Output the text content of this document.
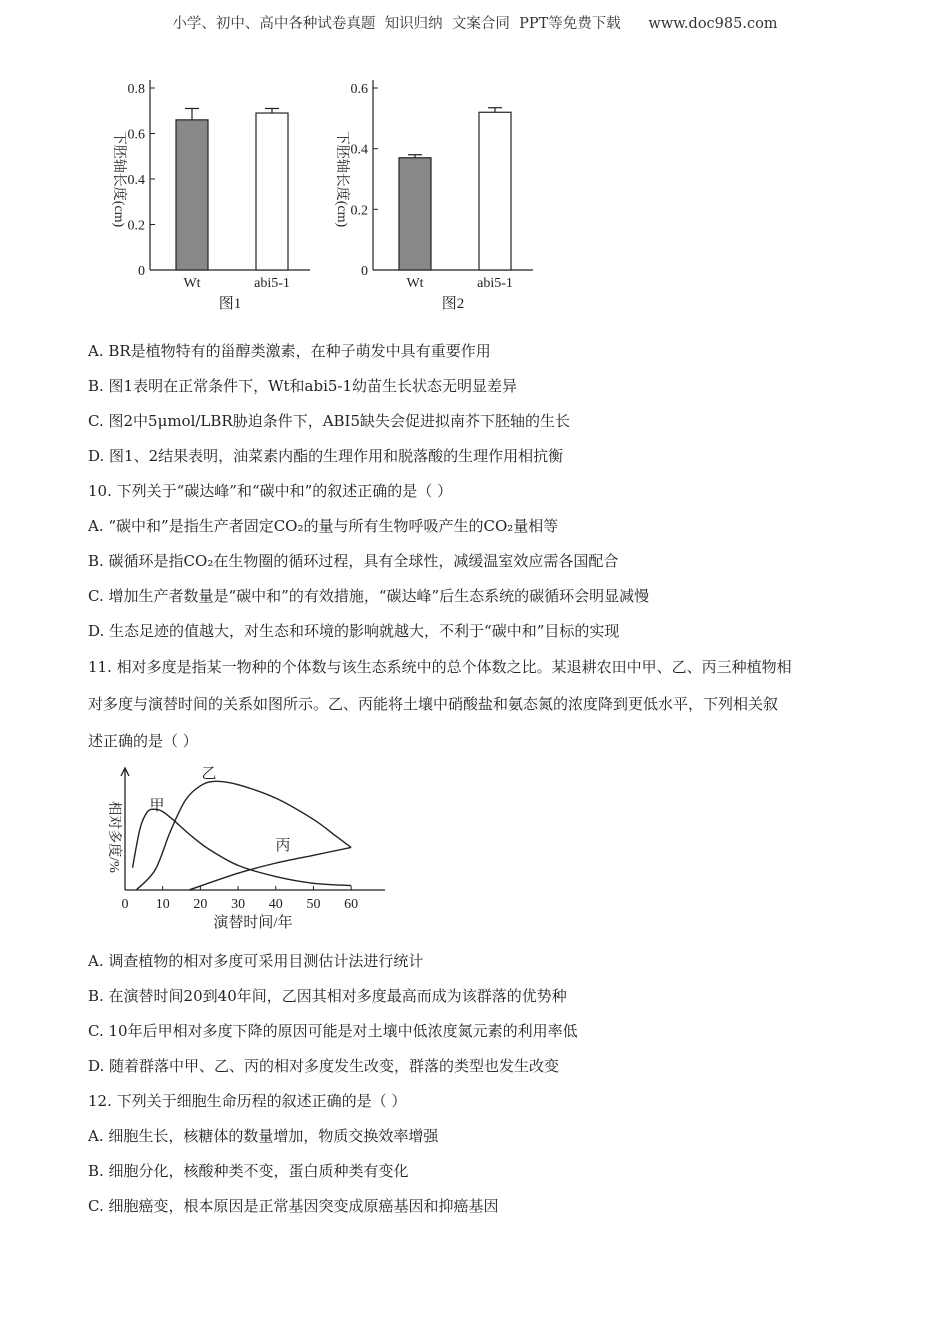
小学、初中、高中各种试卷真题  知识归纳  文案合同  PPT等免费下载      www.doc985.com
0
0.2
0.4
0.6
0.8
Wt	abi5-1
图1
下胚轴长度(cm)
0
0.2
0.4
0.6
Wt	abi5-1
图2
下胚轴长度(cm)
0 10 20 30 40 50 60
演替时间/年
相对多度/% 甲
乙
丙
A. BR是植物特有的甾醇类激素，在种子萌发中具有重要作用
B. 图1表明在正常条件下，Wt和abi5-1幼苗生长状态无明显差异
C. 图2中5μmol/LBR胁迫条件下，ABI5缺失会促进拟南芥下胚轴的生长
D. 图1、2结果表明，油菜素内酯的生理作用和脱落酸的生理作用相抗衡
10. 下列关于“碳达峰”和“碳中和”的叙述正确的是（ ）
A. “碳中和”是指生产者固定CO₂的量与所有生物呼吸产生的CO₂量相等
B. 碳循环是指CO₂在生物圈的循环过程，具有全球性，减缓温室效应需各国配合
C. 增加生产者数量是“碳中和”的有效措施，“碳达峰”后生态系统的碳循环会明显减慢
D. 生态足迹的值越大，对生态和环境的影响就越大，不利于“碳中和”目标的实现
11. 相对多度是指某一物种的个体数与该生态系统中的总个体数之比。某退耕农田中甲、乙、丙三种植物相
对多度与演替时间的关系如图所示。乙、丙能将土壤中硝酸盐和氨态氮的浓度降到更低水平，下列相关叙
述正确的是（ ）
A. 调查植物的相对多度可采用目测估计法进行统计
B. 在演替时间20到40年间，乙因其相对多度最高而成为该群落的优势种
C. 10年后甲相对多度下降的原因可能是对土壤中低浓度氮元素的利用率低
D. 随着群落中甲、乙、丙的相对多度发生改变，群落的类型也发生改变
12. 下列关于细胞生命历程的叙述正确的是（ ）
A. 细胞生长，核糖体的数量增加，物质交换效率增强
B. 细胞分化，核酸种类不变，蛋白质种类有变化
C. 细胞癌变，根本原因是正常基因突变成原癌基因和抑癌基因
